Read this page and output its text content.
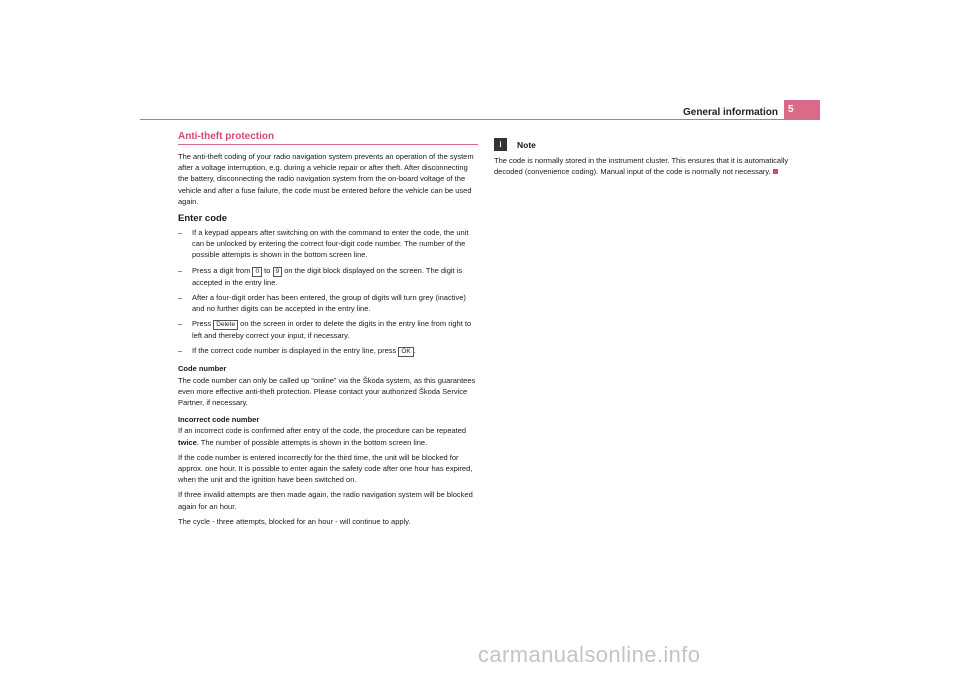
General information 5
Anti-theft protection

The anti-theft coding of your radio navigation system prevents an operation of the system after a voltage interruption, e.g. during a vehicle repair or after theft. After disconnecting the battery, disconnecting the radio navigation system from the on-board voltage of the vehicle and after a fuse failure, the code must be entered before the vehicle can be used again.

Enter code
– If a keypad appears after switching on with the command to enter the code, the unit can be unlocked by entering the correct four-digit code number. The number of the possible attempts is shown in the bottom screen line.
– Press a digit from 0 to 9 on the digit block displayed on the screen. The digit is accepted in the entry line.
– After a four-digit order has been entered, the group of digits will turn grey (inactive) and no further digits can be accepted in the entry line.
– Press Delete on the screen in order to delete the digits in the entry line from right to left and thereby correct your input, if necessary.
– If the correct code number is displayed in the entry line, press OK .
Code number

The code number can only be called up “online” via the Škoda system, as this guarantees even more effective anti-theft protection. Please contact your authorized Škoda Service Partner, if necessary.

Incorrect code number

If an incorrect code is confirmed after entry of the code, the procedure can be repeated twice. The number of possible attempts is shown in the bottom screen line.

If the code number is entered incorrectly for the third time, the unit will be blocked for approx. one hour. It is possible to enter again the safety code after one hour has expired, when the unit and the ignition have been switched on.

If three invalid attempts are then made again, the radio navigation system will be blocked again for an hour.

The cycle - three attempts, blocked for an hour - will continue to apply.

i	Note

The code is normally stored in the instrument cluster. This ensures that it is automatically decoded (convenience coding). Manual input of the code is normally not necessary.

carmanualsonline.info
